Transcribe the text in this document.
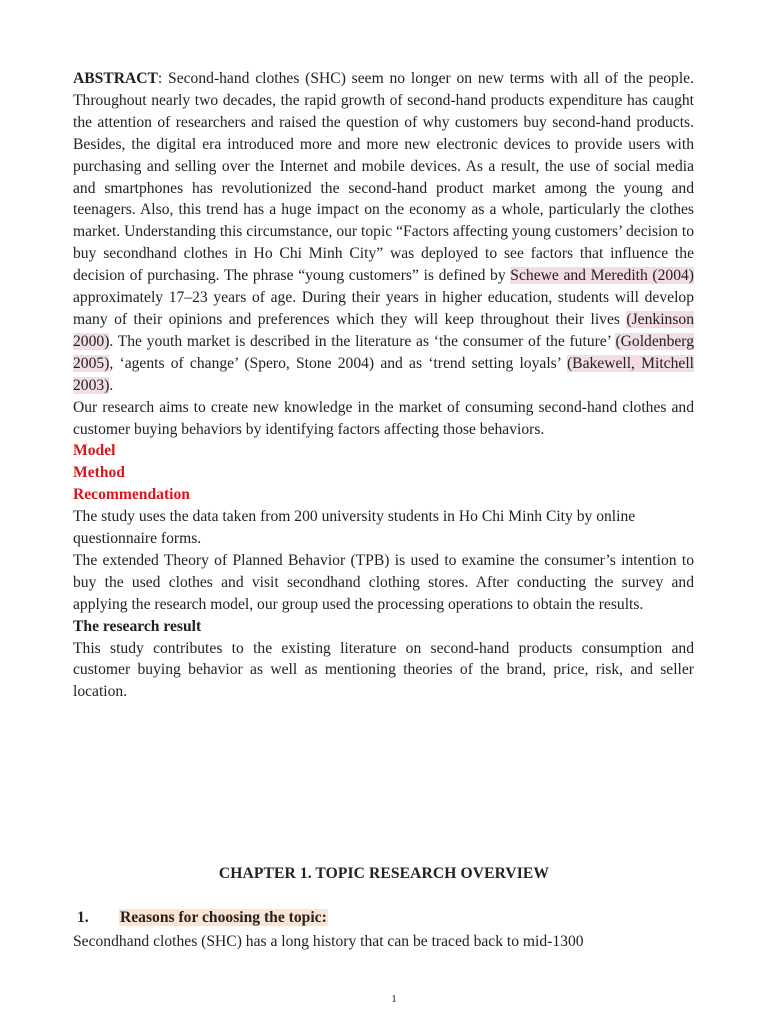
ABSTRACT: Second-hand clothes (SHC) seem no longer on new terms with all of the people. Throughout nearly two decades, the rapid growth of second-hand products expenditure has caught the attention of researchers and raised the question of why customers buy second-hand products. Besides, the digital era introduced more and more new electronic devices to provide users with purchasing and selling over the Internet and mobile devices. As a result, the use of social media and smartphones has revolutionized the second-hand product market among the young and teenagers. Also, this trend has a huge impact on the economy as a whole, particularly the clothes market. Understanding this circumstance, our topic “Factors affecting young customers’ decision to buy secondhand clothes in Ho Chi Minh City” was deployed to see factors that influence the decision of purchasing. The phrase “young customers” is defined by Schewe and Meredith (2004) approximately 17–23 years of age. During their years in higher education, students will develop many of their opinions and preferences which they will keep throughout their lives (Jenkinson 2000). The youth market is described in the literature as ‘the consumer of the future’ (Goldenberg 2005), ‘agents of change’ (Spero, Stone 2004) and as ‘trend setting loyals’ (Bakewell, Mitchell 2003).

Our research aims to create new knowledge in the market of consuming second-hand clothes and customer buying behaviors by identifying factors affecting those behaviors.

Model

Method

Recommendation

The study uses the data taken from 200 university students in Ho Chi Minh City by online questionnaire forms.

The extended Theory of Planned Behavior (TPB) is used to examine the consumer’s intention to buy the used clothes and visit secondhand clothing stores. After conducting the survey and applying the research model, our group used the processing operations to obtain the results.

The research result

This study contributes to the existing literature on second-hand products consumption and customer buying behavior as well as mentioning theories of the brand, price, risk, and seller location.

CHAPTER 1. TOPIC RESEARCH OVERVIEW
1. Reasons for choosing the topic:
Secondhand clothes (SHC) has a long history that can be traced back to mid-1300
1
